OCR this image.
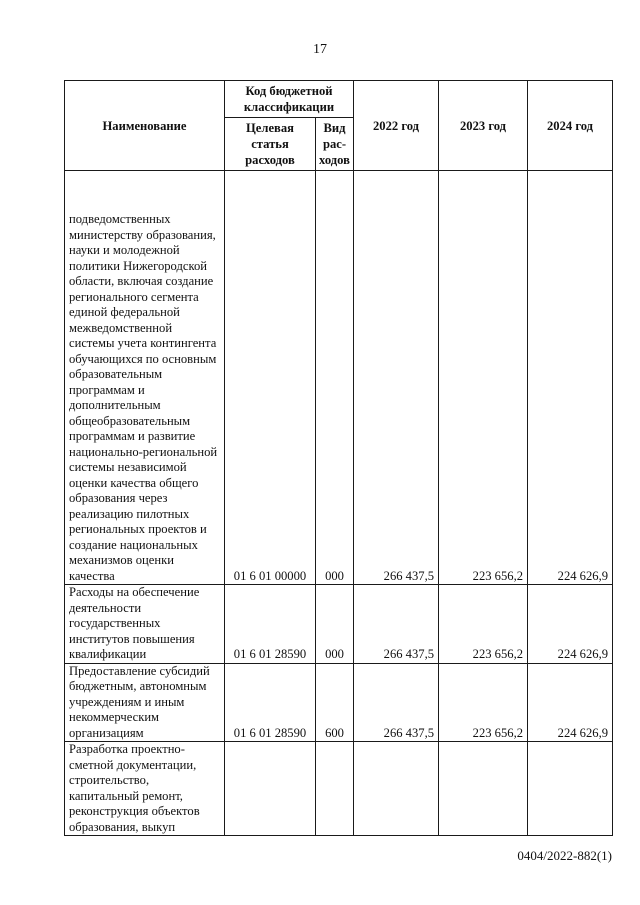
17
Наименование	Код бюджетной классификации		2022 год	2023 год	2024 год
	Целевая статья расходов	Вид рас-ходов			
подведомственных министерству образования, науки и молодежной политики Нижегородской области, включая создание регионального сегмента единой федеральной межведомственной системы учета контингента обучающихся по основным образовательным программам и дополнительным общеобразовательным программам и развитие национально-региональной системы независимой оценки качества общего образования через реализацию пилотных региональных проектов и создание национальных механизмов оценки качества	01 6 01 00000	000	266 437,5	223 656,2	224 626,9
Расходы на обеспечение деятельности государственных институтов повышения квалификации	01 6 01 28590	000	266 437,5	223 656,2	224 626,9
Предоставление субсидий бюджетным, автономным учреждениям и иным некоммерческим организациям	01 6 01 28590	600	266 437,5	223 656,2	224 626,9
Разработка проектно-сметной документации, строительство, капитальный ремонт, реконструкция объектов образования, выкуп					
0404/2022-882(1)
